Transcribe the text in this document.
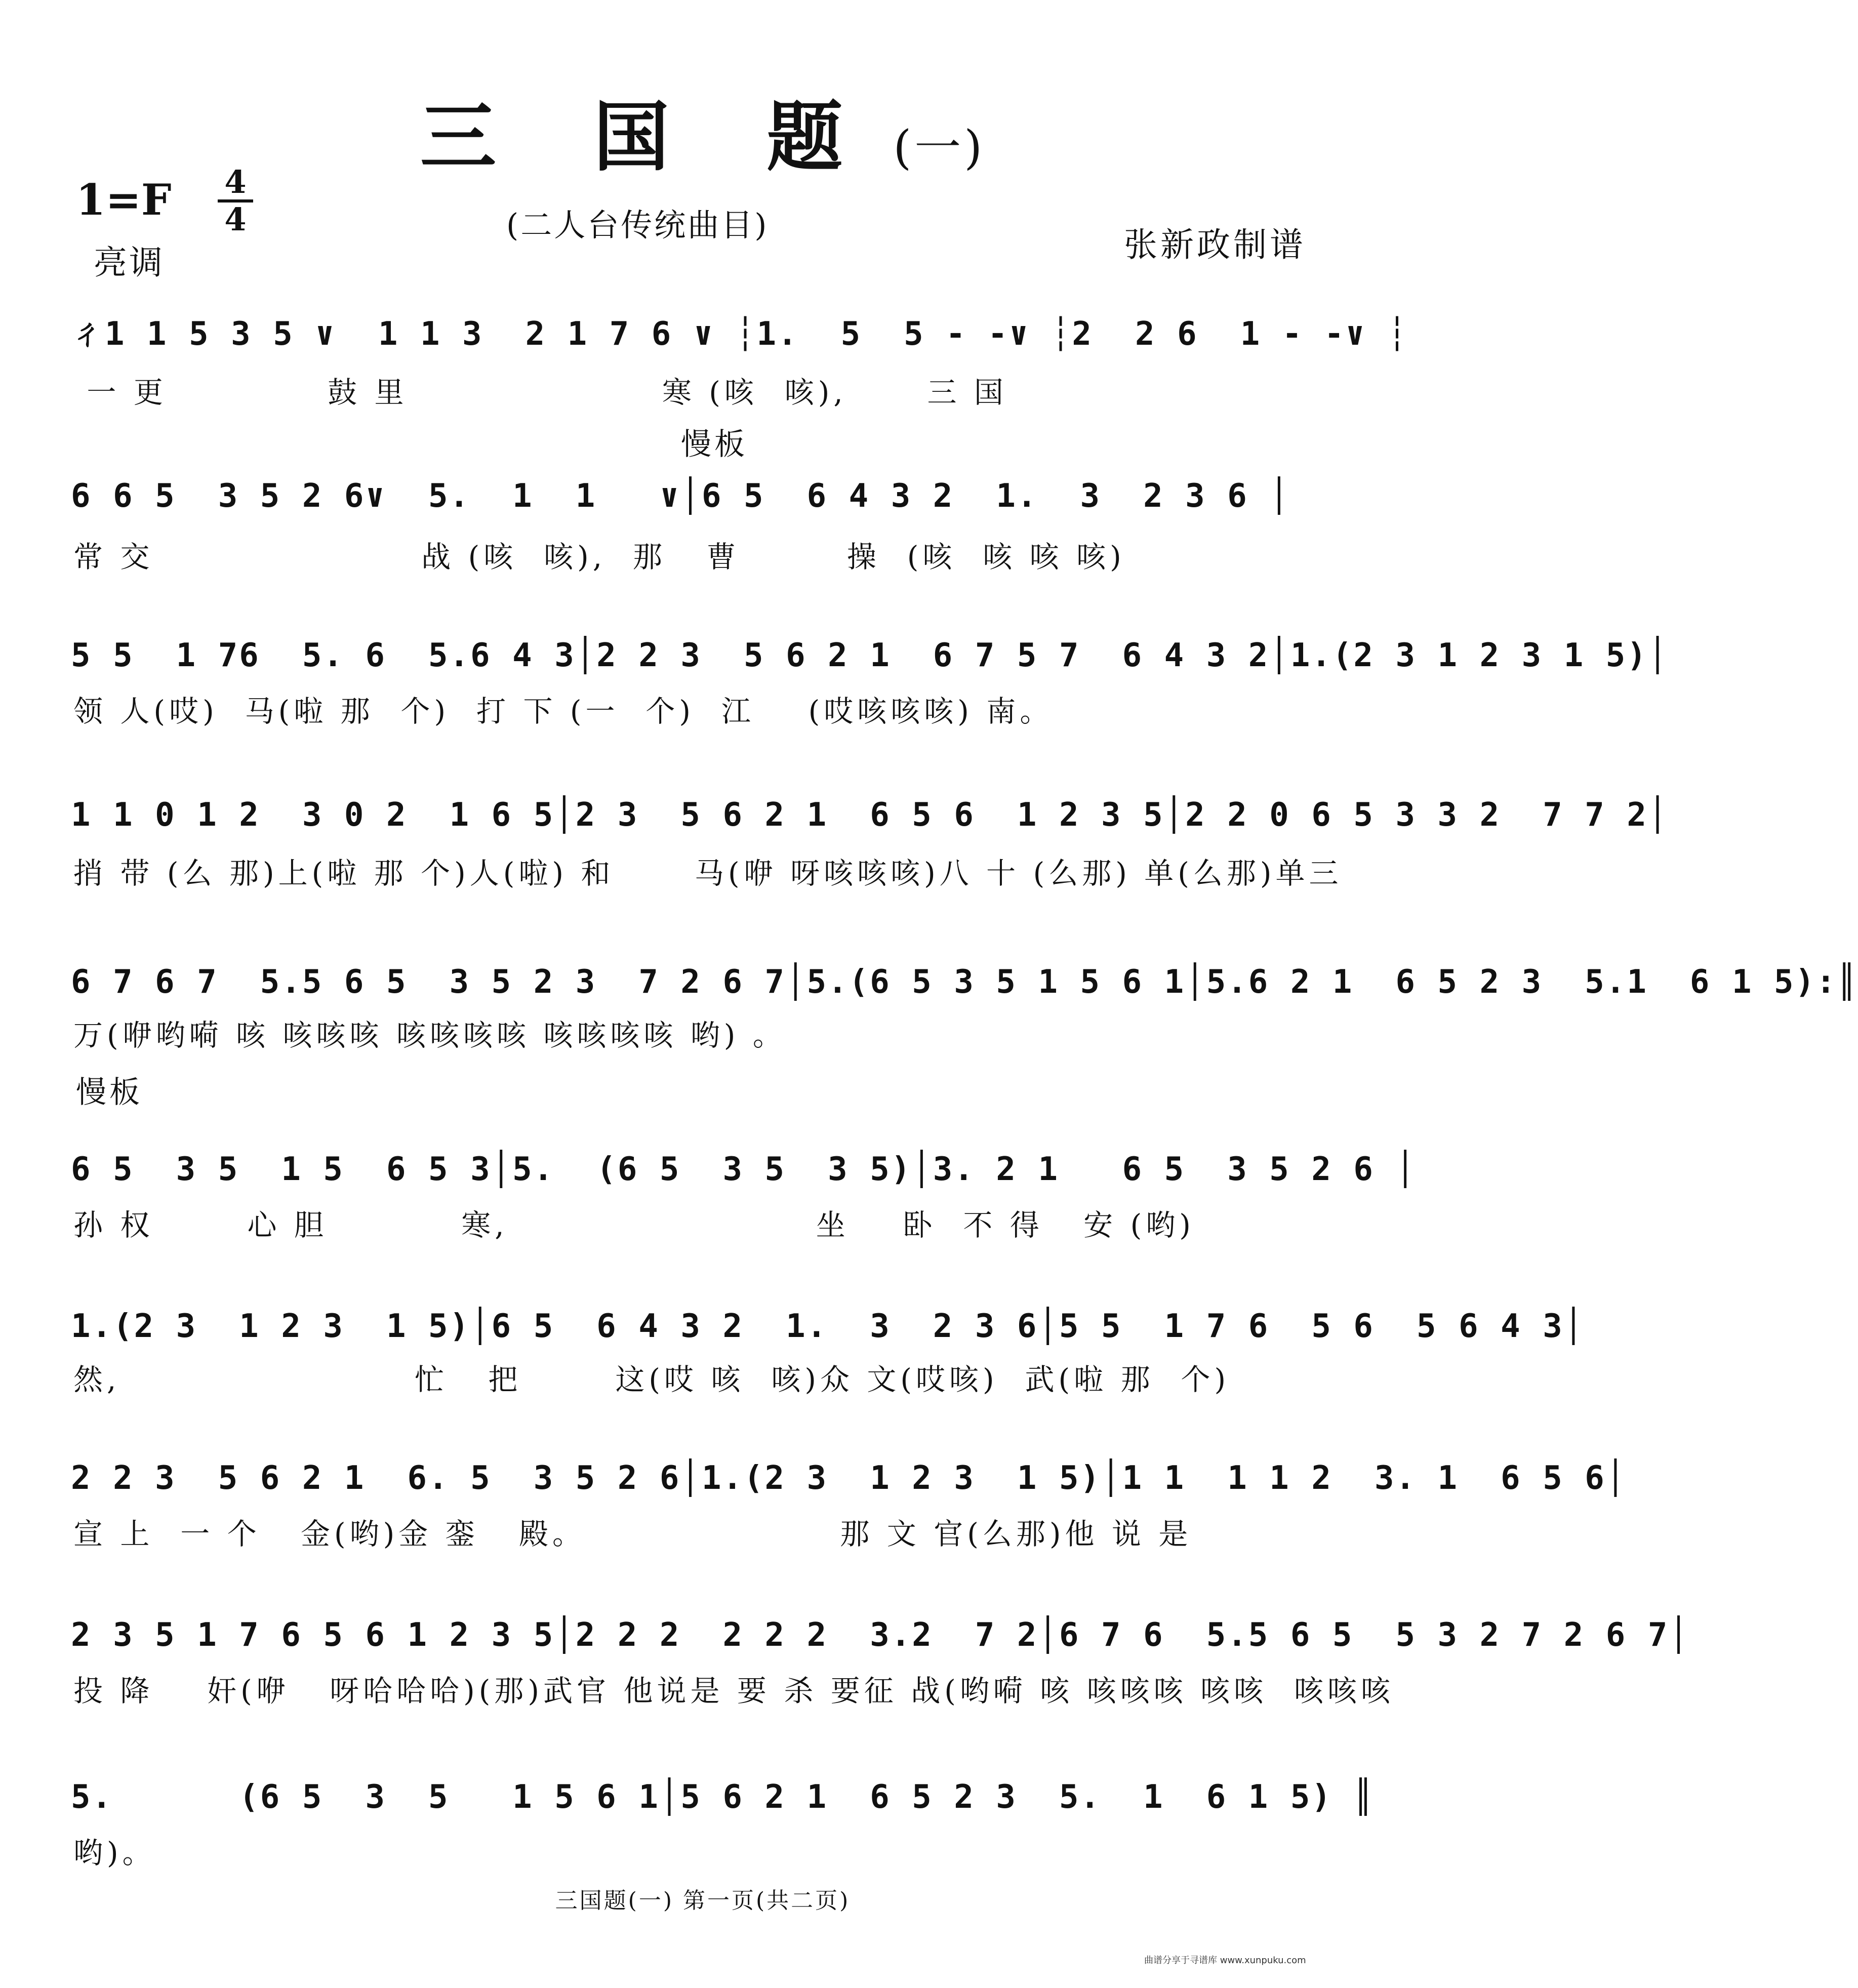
三 国 题 (一)
1=F 4
4	(二人台传统曲目)
张新政制谱
亮调
ㄔ1 1 5 3 5 ∨  1 1 3  2 1 7 6 ∨ ┆1.  5  5 - -∨ ┆2  2 6  1 - -∨ ┆
一 更            鼓 里                   寒 (咳  咳),      三 国
慢板
6 6 5  3 5 2 6∨  5.  1  1   ∨│6 5  6 4 3 2  1.  3  2 3 6 │
常 交                    战 (咳  咳),  那   曹        操  (咳  咳 咳 咳)
5 5  1 76  5. 6  5.6 4 3│2 2 3  5 6 2 1  6 7 5 7  6 4 3 2│1.(2 3 1 2 3 1 5)│
领 人(哎)  马(啦 那  个)  打 下 (一  个)  江    (哎咳咳咳) 南。
1 1 0 1 2  3 0 2  1 6 5│2 3  5 6 2 1  6 5 6  1 2 3 5│2 2 0 6 5 3 3 2  7 7 2│
捎 带 (么 那)上(啦 那 个)人(啦) 和      马(咿 呀咳咳咳)八 十 (么那) 单(么那)单三
6 7 6 7  5.5 6 5  3 5 2 3  7 2 6 7│5.(6 5 3 5 1 5 6 1│5.6 2 1  6 5 2 3  5.1  6 1 5):║
万(咿哟嗬 咳 咳咳咳 咳咳咳咳 咳咳咳咳 哟) 。
慢板
6 5  3 5  1 5  6 5 3│5.  (6 5  3 5  3 5)│3. 2 1   6 5  3 5 2 6 │
孙 权       心 胆          寒,                       坐    卧  不 得   安 (哟)
1.(2 3  1 2 3  1 5)│6 5  6 4 3 2  1.  3  2 3 6│5 5  1 7 6  5 6  5 6 4 3│
然,                      忙   把       这(哎 咳  咳)众 文(哎咳)  武(啦 那  个)
2 2 3  5 6 2 1  6. 5  3 5 2 6│1.(2 3  1 2 3  1 5)│1 1  1 1 2  3. 1  6 5 6│
宣 上  一 个   金(哟)金 銮   殿。                   那 文 官(么那)他 说 是
2 3 5 1 7 6 5 6 1 2 3 5│2 2 2  2 2 2  3.2  7 2│6 7 6  5.5 6 5  5 3 2 7 2 6 7│
投 降    奸(咿   呀哈哈哈)(那)武官 他说是 要 杀 要征 战(哟嗬 咳 咳咳咳 咳咳  咳咳咳
5.      (6 5  3  5   1 5 6 1│5 6 2 1  6 5 2 3  5.  1  6 1 5) ║
哟)。
三国题(一) 第一页(共二页)
曲谱分享于寻谱库 www.xunpuku.com
